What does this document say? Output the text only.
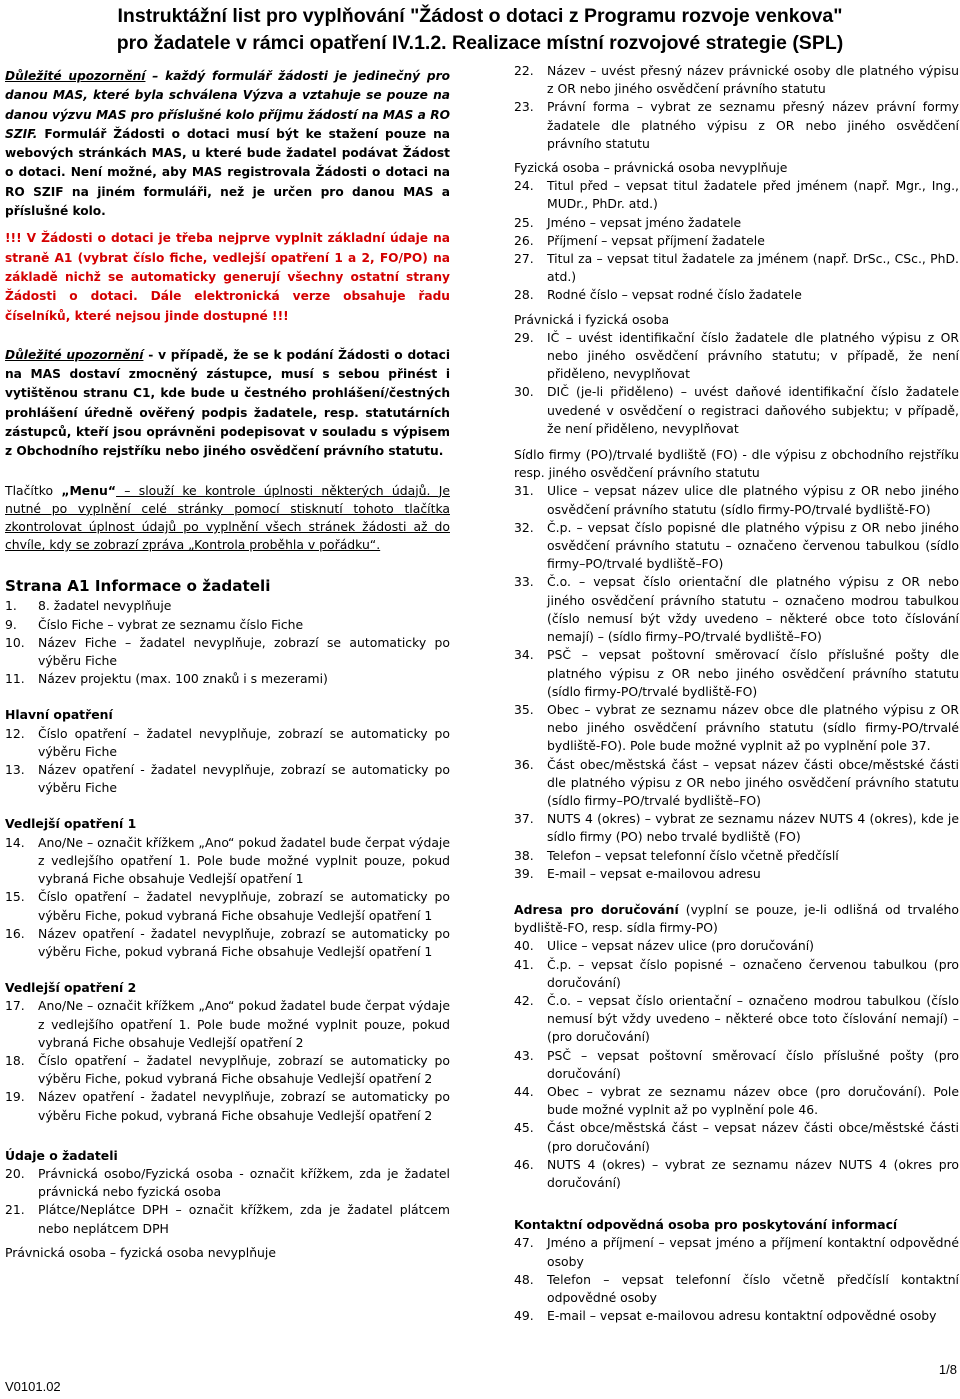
Instruktážní list pro vyplňování "Žádost o dotaci z Programu rozvoje venkova"
pro žadatele v rámci opatření IV.1.2. Realizace místní rozvojové strategie (SPL)

Důležité upozornění – každý formulář žádosti je jedinečný pro danou MAS, které byla schválena Výzva a vztahuje se pouze na danou výzvu MAS pro příslušné kolo příjmu žádostí na MAS a RO SZIF. Formulář Žádosti o dotaci musí být ke stažení pouze na webových stránkách MAS, u které bude žadatel podávat Žádost o dotaci. Není možné, aby MAS registrovala Žádosti o dotaci na RO SZIF na jiném formuláři, než je určen pro danou MAS a příslušné kolo.

!!! V Žádosti o dotaci je třeba nejprve vyplnit základní údaje na straně A1 (vybrat číslo fiche, vedlejší opatření 1 a 2, FO/PO) na základě nichž se automaticky generují všechny ostatní strany Žádosti o dotaci. Dále elektronická verze obsahuje řadu číselníků, které nejsou jinde dostupné !!!

Důležité upozornění - v případě, že se k podání Žádosti o dotaci na MAS dostaví zmocněný zástupce, musí s sebou přinést i vytištěnou stranu C1, kde bude u čestného prohlášení/čestných prohlášení úředně ověřený podpis žadatele, resp. statutárních zástupců, kteří jsou oprávněni podepisovat v souladu s výpisem z Obchodního rejstříku nebo jiného osvědčení právního statutu.

Tlačítko „Menu“ – slouží ke kontrole úplnosti některých údajů. Je nutné po vyplnění celé stránky pomocí stisknutí tohoto tlačítka zkontrolovat úplnost údajů po vyplnění všech stránek žádosti až do chvíle, kdy se zobrazí zpráva „Kontrola proběhla v pořádku“.

Strana A1 Informace o žadateli
1.	8. žadatel nevyplňuje
9.	Číslo Fiche – vybrat ze seznamu číslo Fiche
10.	Název Fiche – žadatel nevyplňuje, zobrazí se automaticky po výběru Fiche
11.	Název projektu (max. 100 znaků i s mezerami)
Hlavní opatření
12.	Číslo opatření – žadatel nevyplňuje, zobrazí se automaticky po výběru Fiche
13.	Název opatření - žadatel nevyplňuje, zobrazí se automaticky po výběru Fiche
Vedlejší opatření 1
14.	Ano/Ne – označit křížkem „Ano“ pokud žadatel bude čerpat výdaje z vedlejšího opatření 1. Pole bude možné vyplnit pouze, pokud vybraná Fiche obsahuje Vedlejší opatření 1
15.	Číslo opatření – žadatel nevyplňuje, zobrazí se automaticky po výběru Fiche, pokud vybraná Fiche obsahuje Vedlejší opatření 1
16.	Název opatření - žadatel nevyplňuje, zobrazí se automaticky po výběru Fiche, pokud vybraná Fiche obsahuje Vedlejší opatření 1
Vedlejší opatření 2
17.	Ano/Ne – označit křížkem „Ano“ pokud žadatel bude čerpat výdaje z vedlejšího opatření 1. Pole bude možné vyplnit pouze, pokud vybraná Fiche obsahuje Vedlejší opatření 2
18.	Číslo opatření – žadatel nevyplňuje, zobrazí se automaticky po výběru Fiche, pokud vybraná Fiche obsahuje Vedlejší opatření 2
19.	Název opatření - žadatel nevyplňuje, zobrazí se automaticky po výběru Fiche pokud, vybraná Fiche obsahuje Vedlejší opatření 2
Údaje o žadateli
20.	Právnická osobo/Fyzická osoba - označit křížkem, zda je žadatel právnická nebo fyzická osoba
21.	Plátce/Neplátce DPH – označit křížkem, zda je žadatel plátcem nebo neplátcem DPH

Právnická osoba – fyzická osoba nevyplňuje

22.	Název – uvést přesný název právnické osoby dle platného výpisu z OR nebo jiného osvědčení právního statutu
23.	Právní forma – vybrat ze seznamu přesný název právní formy žadatele dle platného výpisu z OR nebo jiného osvědčení právního statutu

Fyzická osoba – právnická osoba nevyplňuje

24.	Titul před – vepsat titul žadatele před jménem (např. Mgr., Ing., MUDr., PhDr. atd.)
25.	Jméno – vepsat jméno žadatele
26.	Příjmení – vepsat příjmení žadatele
27.	Titul za – vepsat titul žadatele za jménem (např. DrSc., CSc., PhD. atd.)
28.	Rodné číslo – vepsat rodné číslo žadatele

Právnická i fyzická osoba

29.	IČ – uvést identifikační číslo žadatele dle platného výpisu z OR nebo jiného osvědčení právního statutu; v případě, že není přiděleno, nevyplňovat
30.	DIČ (je-li přiděleno) – uvést daňové identifikační číslo žadatele uvedené v osvědčení o registraci daňového subjektu; v případě, že není přiděleno, nevyplňovat

Sídlo firmy (PO)/trvalé bydliště (FO) - dle výpisu z obchodního rejstříku resp. jiného osvědčení právního statutu

31.	Ulice – vepsat název ulice dle platného výpisu z OR nebo jiného osvědčení právního statutu (sídlo firmy-PO/trvalé bydliště-FO)
32.	Č.p. – vepsat číslo popisné dle platného výpisu z OR nebo jiného osvědčení právního statutu – označeno červenou tabulkou (sídlo firmy–PO/trvalé bydliště–FO)
33.	Č.o. – vepsat číslo orientační dle platného výpisu z OR nebo jiného osvědčení právního statutu – označeno modrou tabulkou (číslo nemusí být vždy uvedeno – některé obce toto číslování nemají) – (sídlo firmy–PO/trvalé bydliště–FO)
34.	PSČ – vepsat poštovní směrovací číslo příslušné pošty dle platného výpisu z OR nebo jiného osvědčení právního statutu (sídlo firmy-PO/trvalé bydliště-FO)
35.	Obec – vybrat ze seznamu název obce dle platného výpisu z OR nebo jiného osvědčení právního statutu (sídlo firmy-PO/trvalé bydliště-FO). Pole bude možné vyplnit až po vyplnění pole 37.
36.	Část obec/městská část – vepsat název části obce/městské části dle platného výpisu z OR nebo jiného osvědčení právního statutu (sídlo firmy–PO/trvalé bydliště–FO)
37.	NUTS 4 (okres) – vybrat ze seznamu název NUTS 4 (okres), kde je sídlo firmy (PO) nebo trvalé bydliště (FO)
38.	Telefon – vepsat telefonní číslo včetně předčíslí
39.	E-mail – vepsat e-mailovou adresu

Adresa pro doručování (vyplní se pouze, je-li odlišná od trvalého bydliště-FO, resp. sídla firmy-PO)

40.	Ulice – vepsat název ulice (pro doručování)
41.	Č.p. – vepsat číslo popisné – označeno červenou tabulkou (pro doručování)
42.	Č.o. – vepsat číslo orientační – označeno modrou tabulkou (číslo nemusí být vždy uvedeno – některé obce toto číslování nemají) – (pro doručování)
43.	PSČ – vepsat poštovní směrovací číslo příslušné pošty (pro doručování)
44.	Obec – vybrat ze seznamu název obce (pro doručování). Pole bude možné vyplnit až po vyplnění pole 46.
45.	Část obce/městská část – vepsat název části obce/městské části (pro doručování)
46.	NUTS 4 (okres) – vybrat ze seznamu název NUTS 4 (okres pro doručování)
Kontaktní odpovědná osoba pro poskytování informací
47.	Jméno a příjmení – vepsat jméno a příjmení kontaktní odpovědné osoby
48.	Telefon – vepsat telefonní číslo včetně předčíslí kontaktní odpovědné osoby
49.	E-mail – vepsat e-mailovou adresu kontaktní odpovědné osoby
V0101.02
1/8
